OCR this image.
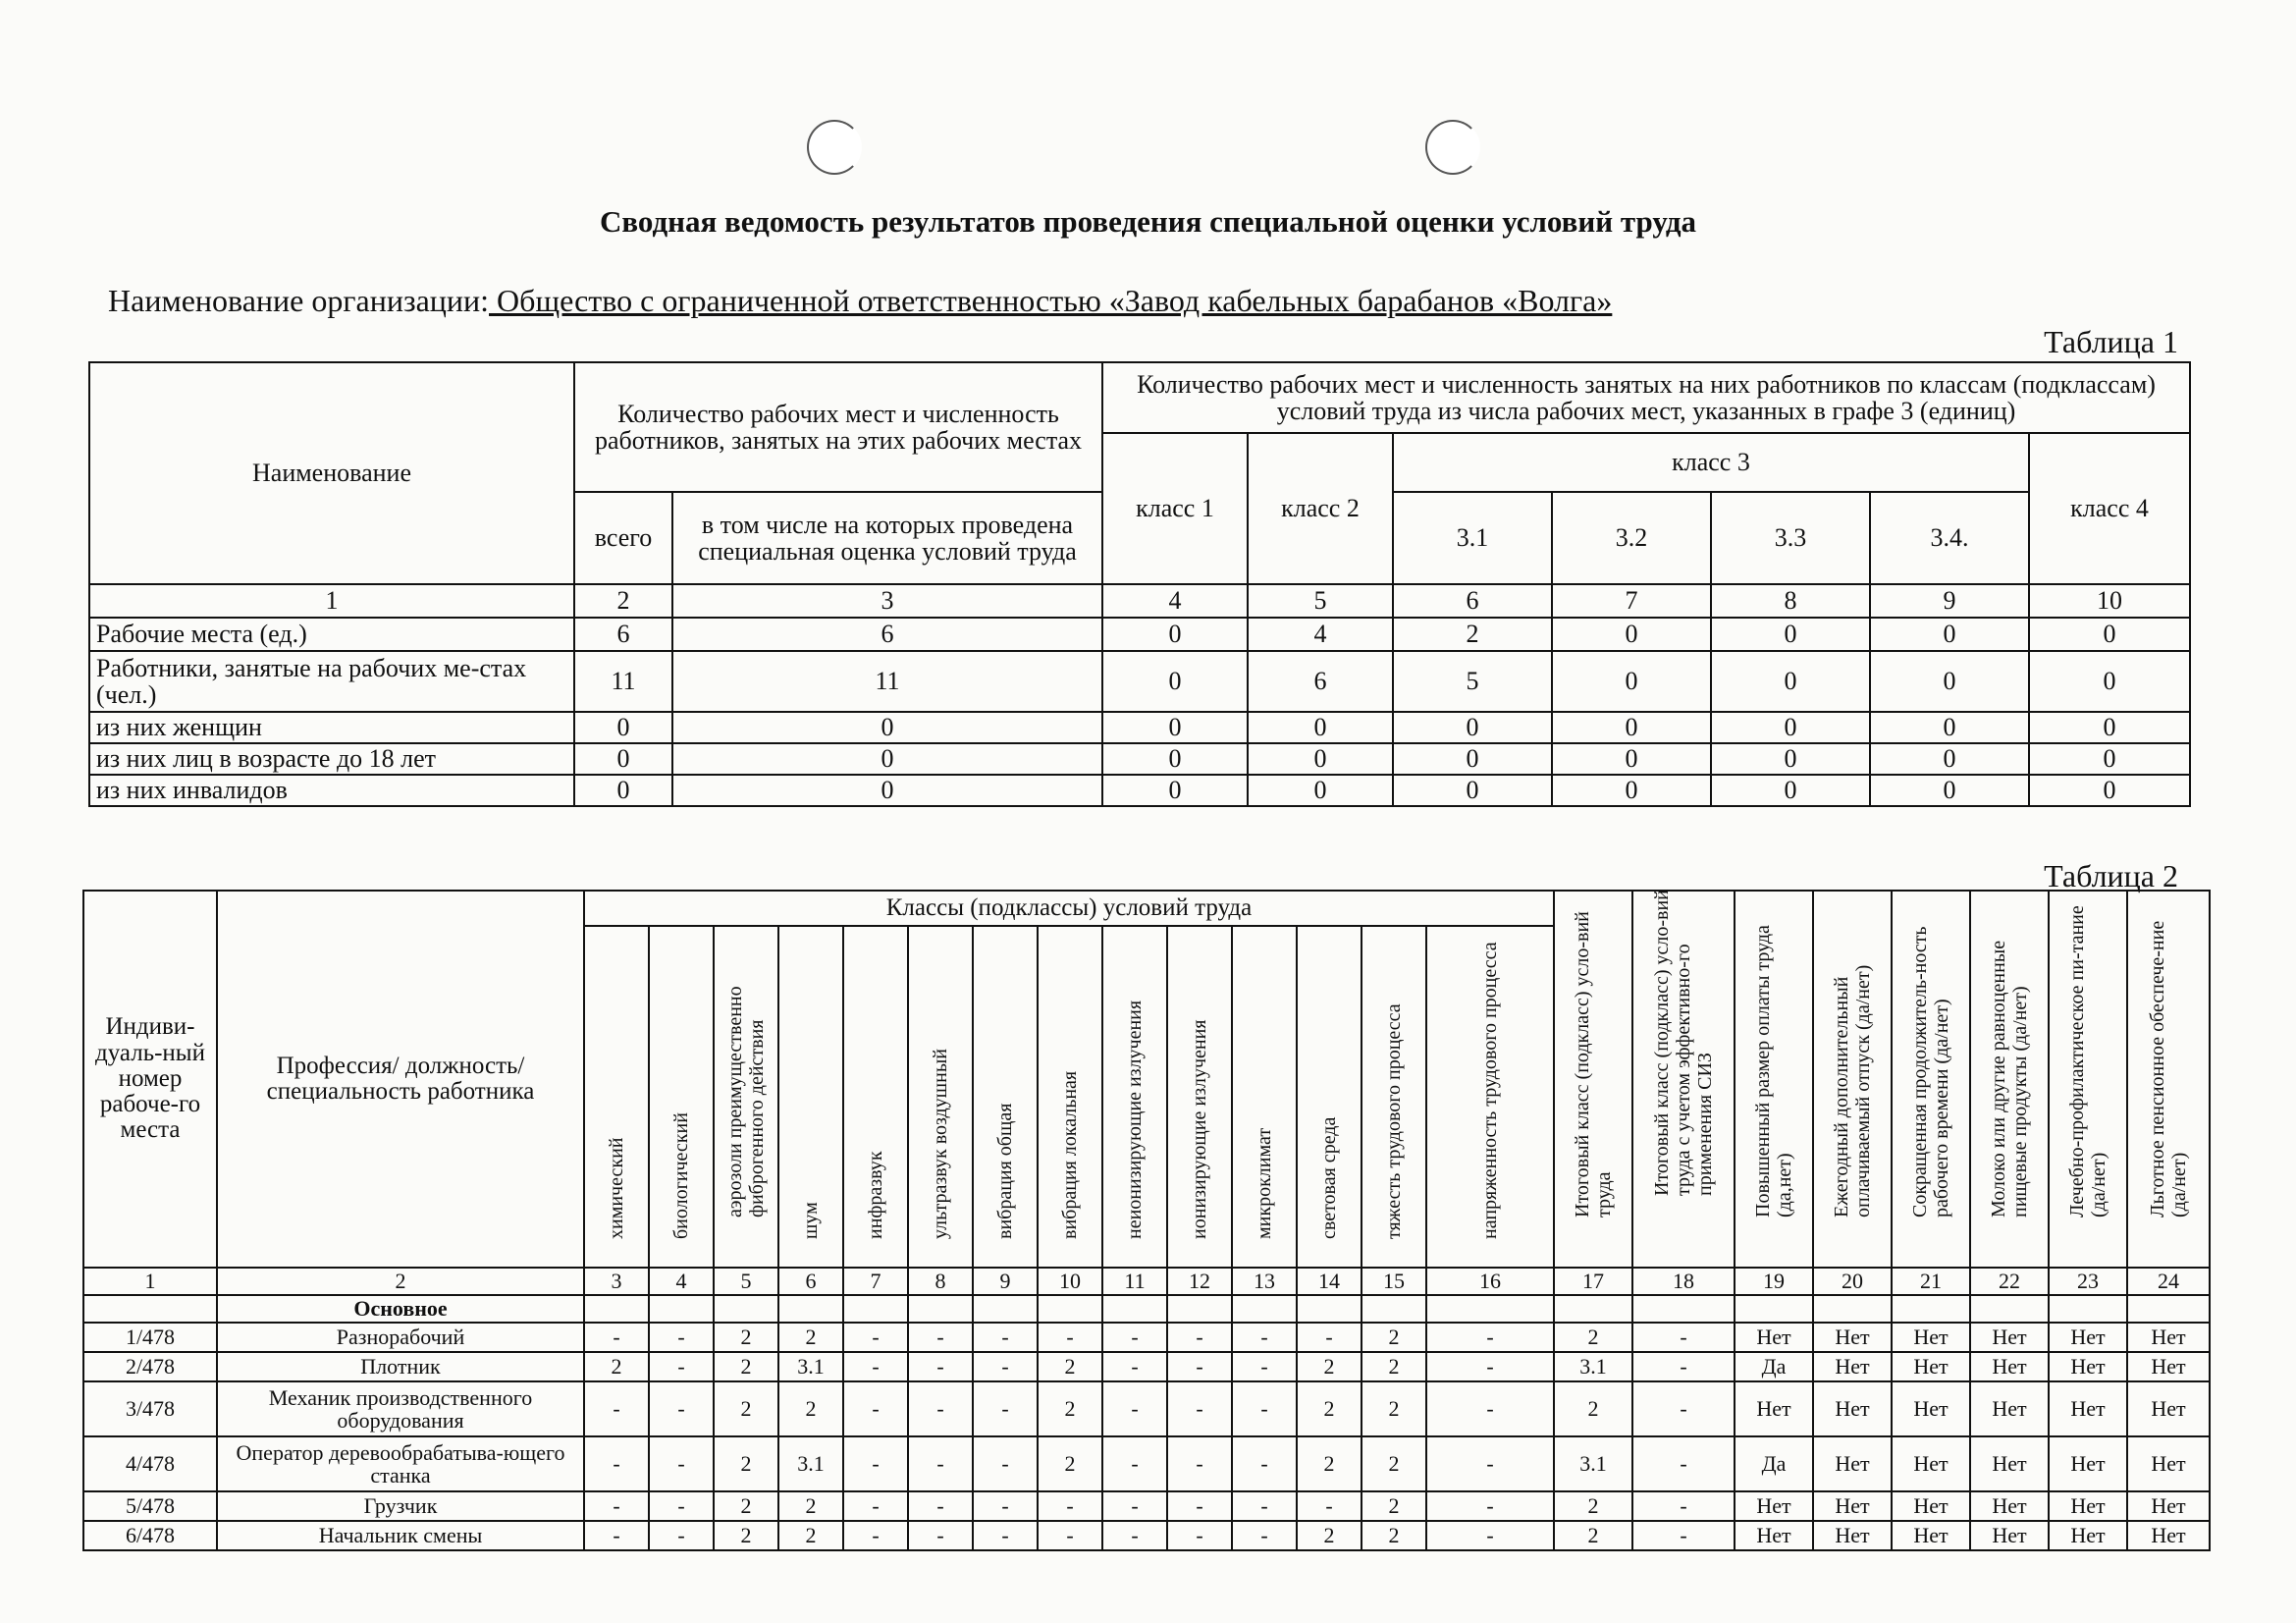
Сводная ведомость результатов проведения специальной оценки условий труда
Наименование организации: Общество с ограниченной ответственностью «Завод кабельных барабанов «Волга»
Таблица 1
Наименование	Количество рабочих мест и численность работников, занятых на этих рабочих местах		Количество рабочих мест и численность занятых на них работников по классам (подклассам) условий труда из числа рабочих мест, указанных в графе 3 (единиц)						
			класс 1	класс 2	класс 3				класс 4
	всего	в том числе на которых проведена специальная оценка условий труда			3.1	3.2	3.3	3.4.	
1	2	3	4	5	6	7	8	9	10
Рабочие места (ед.)	6	6	0	4	2	0	0	0	0
Работники, занятые на рабочих ме-стах (чел.)	11	11	0	6	5	0	0	0	0
из них женщин	0	0	0	0	0	0	0	0	0
из них лиц в возрасте до 18 лет	0	0	0	0	0	0	0	0	0
из них инвалидов	0	0	0	0	0	0	0	0	0
Таблица 2
Индиви-дуаль-ный номер рабоче-го места	Профессия/ должность/ специальность работника	Классы (подклассы) условий труда														Итоговый класс (подкласс) усло-вий труда	Итоговый класс (подкласс) усло-вий труда с учетом эффективно-го применения СИЗ	Повышенный размер оплаты труда (да,нет)	Ежегодный дополнительный оплачиваемый отпуск (да/нет)	Сокращенная продолжитель-ность рабочего времени (да/нет)	Молоко или другие равноценные пищевые продукты (да/нет)	Лечебно-профилактическое пи-тание (да/нет)	Льготное пенсионное обеспече-ние (да/нет)

		химический	биологический	аэрозоли преимущественно фиброгенного действия	шум	инфразвук	ультразвук воздушный	вибрация общая	вибрация локальная	неионизирующие излучения	ионизирующие излучения	микроклимат	световая среда	тяжесть трудового процесса	напряженность трудового процесса								

1	2	3	4	5	6	7	8	9	10	11	12	13	14	15	16	17	18	19	20	21	22	23	24
	Основное																						
1/478	Разнорабочий	-	-	2	2	-	-	-	-	-	-	-	-	2	-	2	-	Нет	Нет	Нет	Нет	Нет	Нет
2/478	Плотник	2	-	2	3.1	-	-	-	2	-	-	-	2	2	-	3.1	-	Да	Нет	Нет	Нет	Нет	Нет
3/478	Механик производственного оборудования	-	-	2	2	-	-	-	2	-	-	-	2	2	-	2	-	Нет	Нет	Нет	Нет	Нет	Нет
4/478	Оператор деревообрабатыва-ющего станка	-	-	2	3.1	-	-	-	2	-	-	-	2	2	-	3.1	-	Да	Нет	Нет	Нет	Нет	Нет
5/478	Грузчик	-	-	2	2	-	-	-	-	-	-	-	-	2	-	2	-	Нет	Нет	Нет	Нет	Нет	Нет
6/478	Начальник смены	-	-	2	2	-	-	-	-	-	-	-	2	2	-	2	-	Нет	Нет	Нет	Нет	Нет	Нет
